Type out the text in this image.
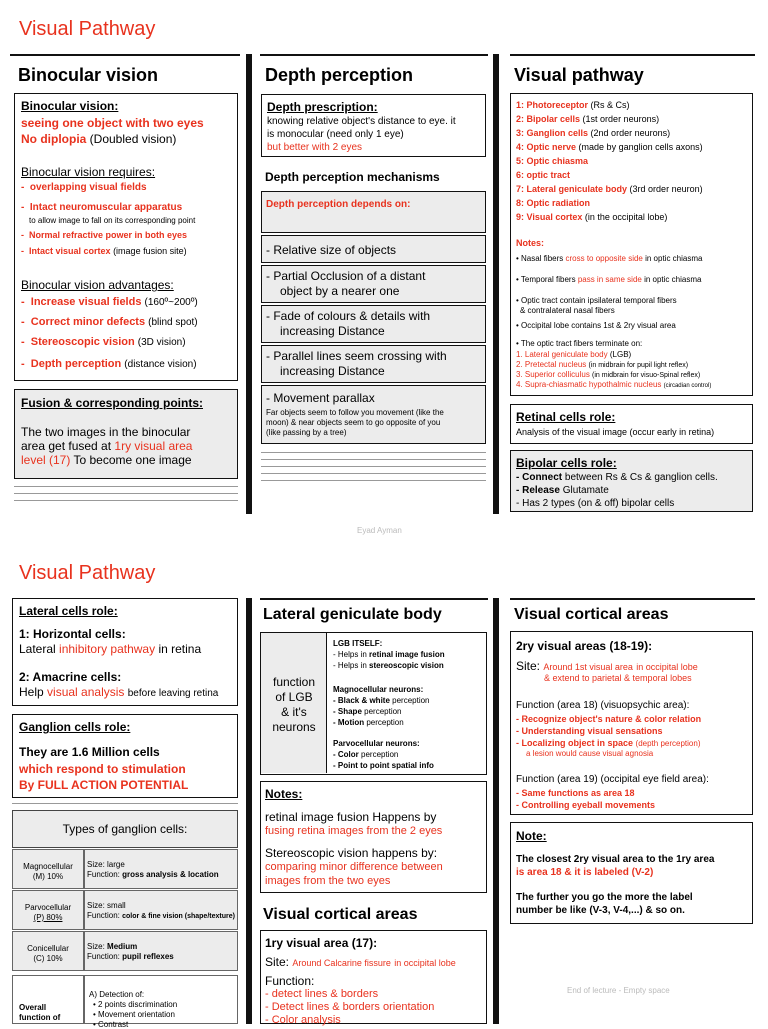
Visual Pathway
Binocular vision	Depth perception	Visual pathway
Binocular vision:
seeing one object with two eyes
No diplopia (Doubled vision)
Binocular vision requires:
-  overlapping visual fields
-  Intact neuromuscular apparatus
to allow image to fall on its corresponding point
-  Normal refractive power in both eyes
-  Intact visual cortex (image fusion site)
Binocular vision advantages:
-  Increase visual fields (160º~200º)
-  Correct minor defects (blind spot)
-  Stereoscopic vision (3D vision)
-  Depth perception (distance vision)
Fusion & corresponding points:
The two images in the binocular
area get fused at 1ry visual area
level (17) To become one image
Depth prescription:
knowing relative object's distance to eye. it
is monocular (need only 1 eye)
but better with 2 eyes
Depth perception mechanisms
Depth perception depends on:
- Relative size of objects
- Partial Occlusion of a distant
object by a nearer one
- Fade of colours & details with
increasing Distance
- Parallel lines seem crossing with
increasing Distance
- Movement parallax
Far objects seem to follow you movement (like the
moon) & near objects seem to go opposite of you
(like passing by a tree)
1: Photoreceptor (Rs & Cs)
2: Bipolar cells (1st order neurons)
3: Ganglion cells (2nd order neurons)
4: Optic nerve (made by ganglion cells axons)
5: Optic chiasma
6: optic tract
7: Lateral geniculate body (3rd order neuron)
8: Optic radiation
9: Visual cortex (in the occipital lobe)
Notes:
• Nasal fibers cross to opposite side in optic chiasma
• Temporal fibers pass in same side in optic chiasma
• Optic tract contain ipsilateral temporal fibers
& contralateral nasal fibers
• Occipital lobe contains 1st & 2ry visual area
• The optic tract fibers terminate on:
1. Lateral geniculate body (LGB)
2. Pretectal nucleus (in midbrain for pupil light reflex)
3. Superior colliculus (in midbrain for visuo-Spinal reflex)
4. Supra-chiasmatic hypothalmic nucleus (circadian control)
Retinal cells role:
Analysis of the visual image (occur early in retina)
Bipolar cells role:
- Connect between Rs & Cs & ganglion cells.
- Release Glutamate
- Has 2 types (on & off) bipolar cells
Eyad Ayman
Visual Pathway
Lateral cells role:
1: Horizontal cells:
Lateral inhibitory pathway in retina
2: Amacrine cells:
Help visual analysis before leaving retina
Ganglion cells role:
They are 1.6 Million cells
which respond to stimulation
By FULL ACTION POTENTIAL
Types of ganglion cells:
Magnocellular
(M) 10%
Size: large
Function: gross analysis & location
Parvocellular
(P) 80%
Size: small
Function: color & fine vision (shape/texture)
Conicellular
(C) 10%
Size: Medium
Function: pupil reflexes
Overall
function of
A) Detection of:
• 2 points discrimination
• Movement orientation
• Contrast
Lateral geniculate body
function
of LGB
& it's
neurons
LGB ITSELF:
- Helps in retinal image fusion
- Helps in stereoscopic vision
Magnocellular neurons:
- Black & white perception
- Shape perception
- Motion perception
Parvocellular neurons:
- Color perception
- Point to point spatial info
Notes:
retinal image fusion Happens by
fusing retina images from the 2 eyes
Stereoscopic vision happens by:
comparing minor difference between
images from the two eyes
Visual cortical areas
1ry visual area (17):
Site: Around Calcarine fissure in occipital lobe
Function:
- detect lines & borders
- Detect lines & borders orientation
- Color analysis
Visual cortical areas
2ry visual areas (18-19):
Site: Around 1st visual area in occipital lobe
& extend to parietal & temporal lobes
Function (area 18) (visuopsychic area):
- Recognize object's nature & color relation
- Understanding visual sensations
- Localizing object in space (depth perception)
a lesion would cause visual agnosia
Function (area 19) (occipital eye field area):
- Same functions as area 18
- Controlling eyeball movements
Note:
The closest 2ry visual area to the 1ry area
is area 18 & it is labeled (V-2)
The further you go the more the label
number be like (V-3, V-4,...) & so on.
End of lecture - Empty space
